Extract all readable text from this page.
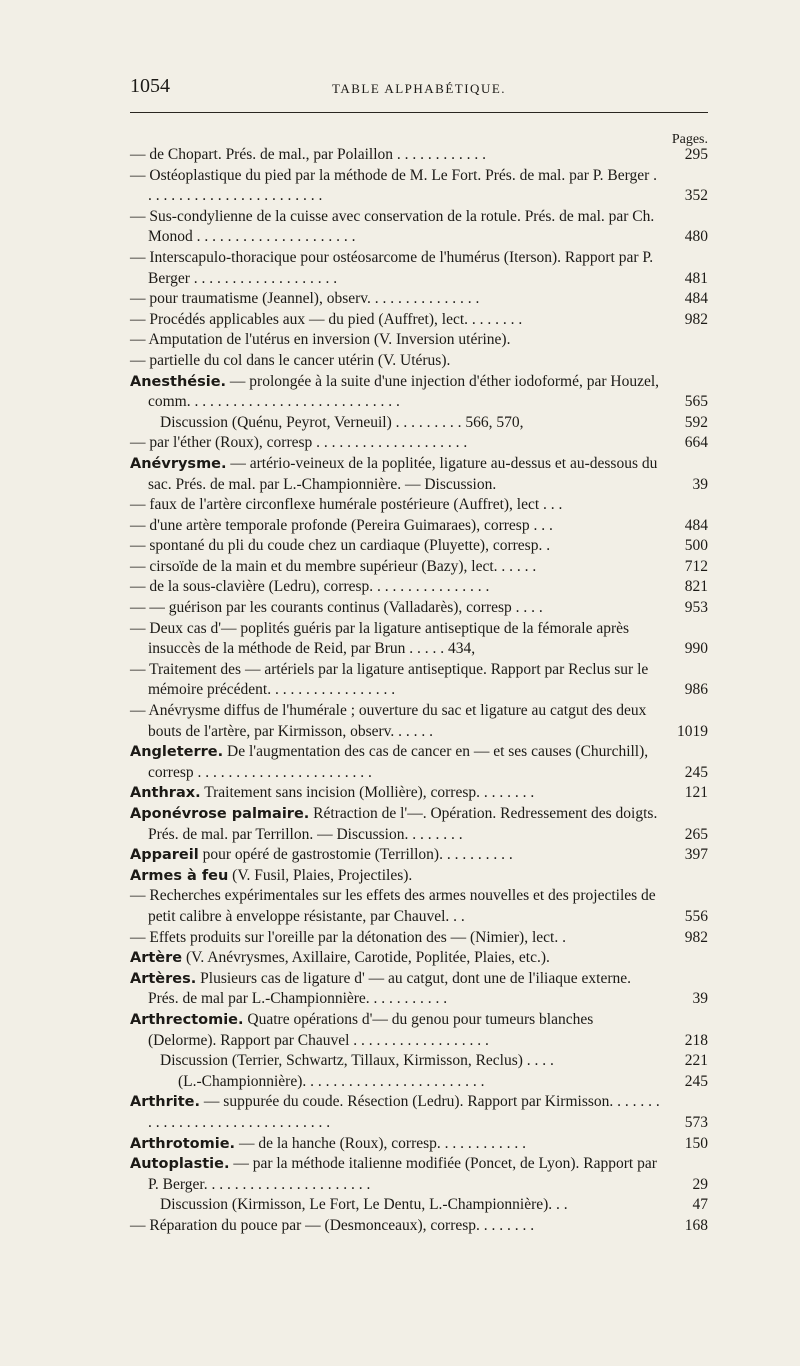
1054	TABLE ALPHABÉTIQUE.
Pages.

— de Chopart. Prés. de mal., par Polaillon . . . . . . . . . . . .	295

— Ostéoplastique du pied par la méthode de M. Le Fort. Prés. de mal. par P. Berger . . . . . . . . . . . . . . . . . . . . . . . .	352

— Sus-condylienne de la cuisse avec conservation de la rotule. Prés. de mal. par Ch. Monod . . . . . . . . . . . . . . . . . . . . .	480

— Interscapulo-thoracique pour ostéosarcome de l'humérus (Iterson). Rapport par P. Berger . . . . . . . . . . . . . . . . . . .	481

— pour traumatisme (Jeannel), observ. . . . . . . . . . . . . . .	484

— Procédés applicables aux — du pied (Auffret), lect. . . . . . . .	982

— Amputation de l'utérus en inversion (V. Inversion utérine).

— partielle du col dans le cancer utérin (V. Utérus).

Anesthésie. — prolongée à la suite d'une injection d'éther iodoformé, par Houzel, comm. . . . . . . . . . . . . . . . . . . . . . . . . . . .	565

Discussion (Quénu, Peyrot, Verneuil) . . . . . . . . . 566, 570,	592

— par l'éther (Roux), corresp . . . . . . . . . . . . . . . . . . . .	664

Anévrysme. — artério-veineux de la poplitée, ligature au-dessus et au-dessous du sac. Prés. de mal. par L.-Championnière. — Discussion.	39

— faux de l'artère circonflexe humérale postérieure (Auffret), lect . . .

— d'une artère temporale profonde (Pereira Guimaraes), corresp . . .	484

— spontané du pli du coude chez un cardiaque (Pluyette), corresp. .	500

— cirsoïde de la main et du membre supérieur (Bazy), lect. . . . . .	712

— de la sous-clavière (Ledru), corresp. . . . . . . . . . . . . . . .	821

— — guérison par les courants continus (Valladarès), corresp . . . .	953

— Deux cas d'— poplités guéris par la ligature antiseptique de la fémorale après insuccès de la méthode de Reid, par Brun . . . . . 434,	990

— Traitement des — artériels par la ligature antiseptique. Rapport par Reclus sur le mémoire précédent. . . . . . . . . . . . . . . . .	986

— Anévrysme diffus de l'humérale ; ouverture du sac et ligature au catgut des deux bouts de l'artère, par Kirmisson, observ. . . . . .	1019

Angleterre. De l'augmentation des cas de cancer en — et ses causes (Churchill), corresp . . . . . . . . . . . . . . . . . . . . . . .	245

Anthrax. Traitement sans incision (Mollière), corresp. . . . . . . .	121

Aponévrose palmaire. Rétraction de l'—. Opération. Redressement des doigts. Prés. de mal. par Terrillon. — Discussion. . . . . . . .	265

Appareil pour opéré de gastrostomie (Terrillon). . . . . . . . . .	397

Armes à feu (V. Fusil, Plaies, Projectiles).

— Recherches expérimentales sur les effets des armes nouvelles et des projectiles de petit calibre à enveloppe résistante, par Chauvel. . .	556

— Effets produits sur l'oreille par la détonation des — (Nimier), lect. .	982

Artère (V. Anévrysmes, Axillaire, Carotide, Poplitée, Plaies, etc.).

Artères. Plusieurs cas de ligature d' — au catgut, dont une de l'iliaque externe. Prés. de mal par L.-Championnière. . . . . . . . . . .	39

Arthrectomie. Quatre opérations d'— du genou pour tumeurs blanches (Delorme). Rapport par Chauvel . . . . . . . . . . . . . . . . . .	218

Discussion (Terrier, Schwartz, Tillaux, Kirmisson, Reclus) . . . .	221

(L.-Championnière). . . . . . . . . . . . . . . . . . . . . . . .	245

Arthrite. — suppurée du coude. Résection (Ledru). Rapport par Kirmisson. . . . . . . . . . . . . . . . . . . . . . . . . . . . . . .	573

Arthrotomie. — de la hanche (Roux), corresp. . . . . . . . . . . .	150

Autoplastie. — par la méthode italienne modifiée (Poncet, de Lyon). Rapport par P. Berger. . . . . . . . . . . . . . . . . . . . . .	29

Discussion (Kirmisson, Le Fort, Le Dentu, L.-Championnière). . .	47

— Réparation du pouce par — (Desmonceaux), corresp. . . . . . . .	168
